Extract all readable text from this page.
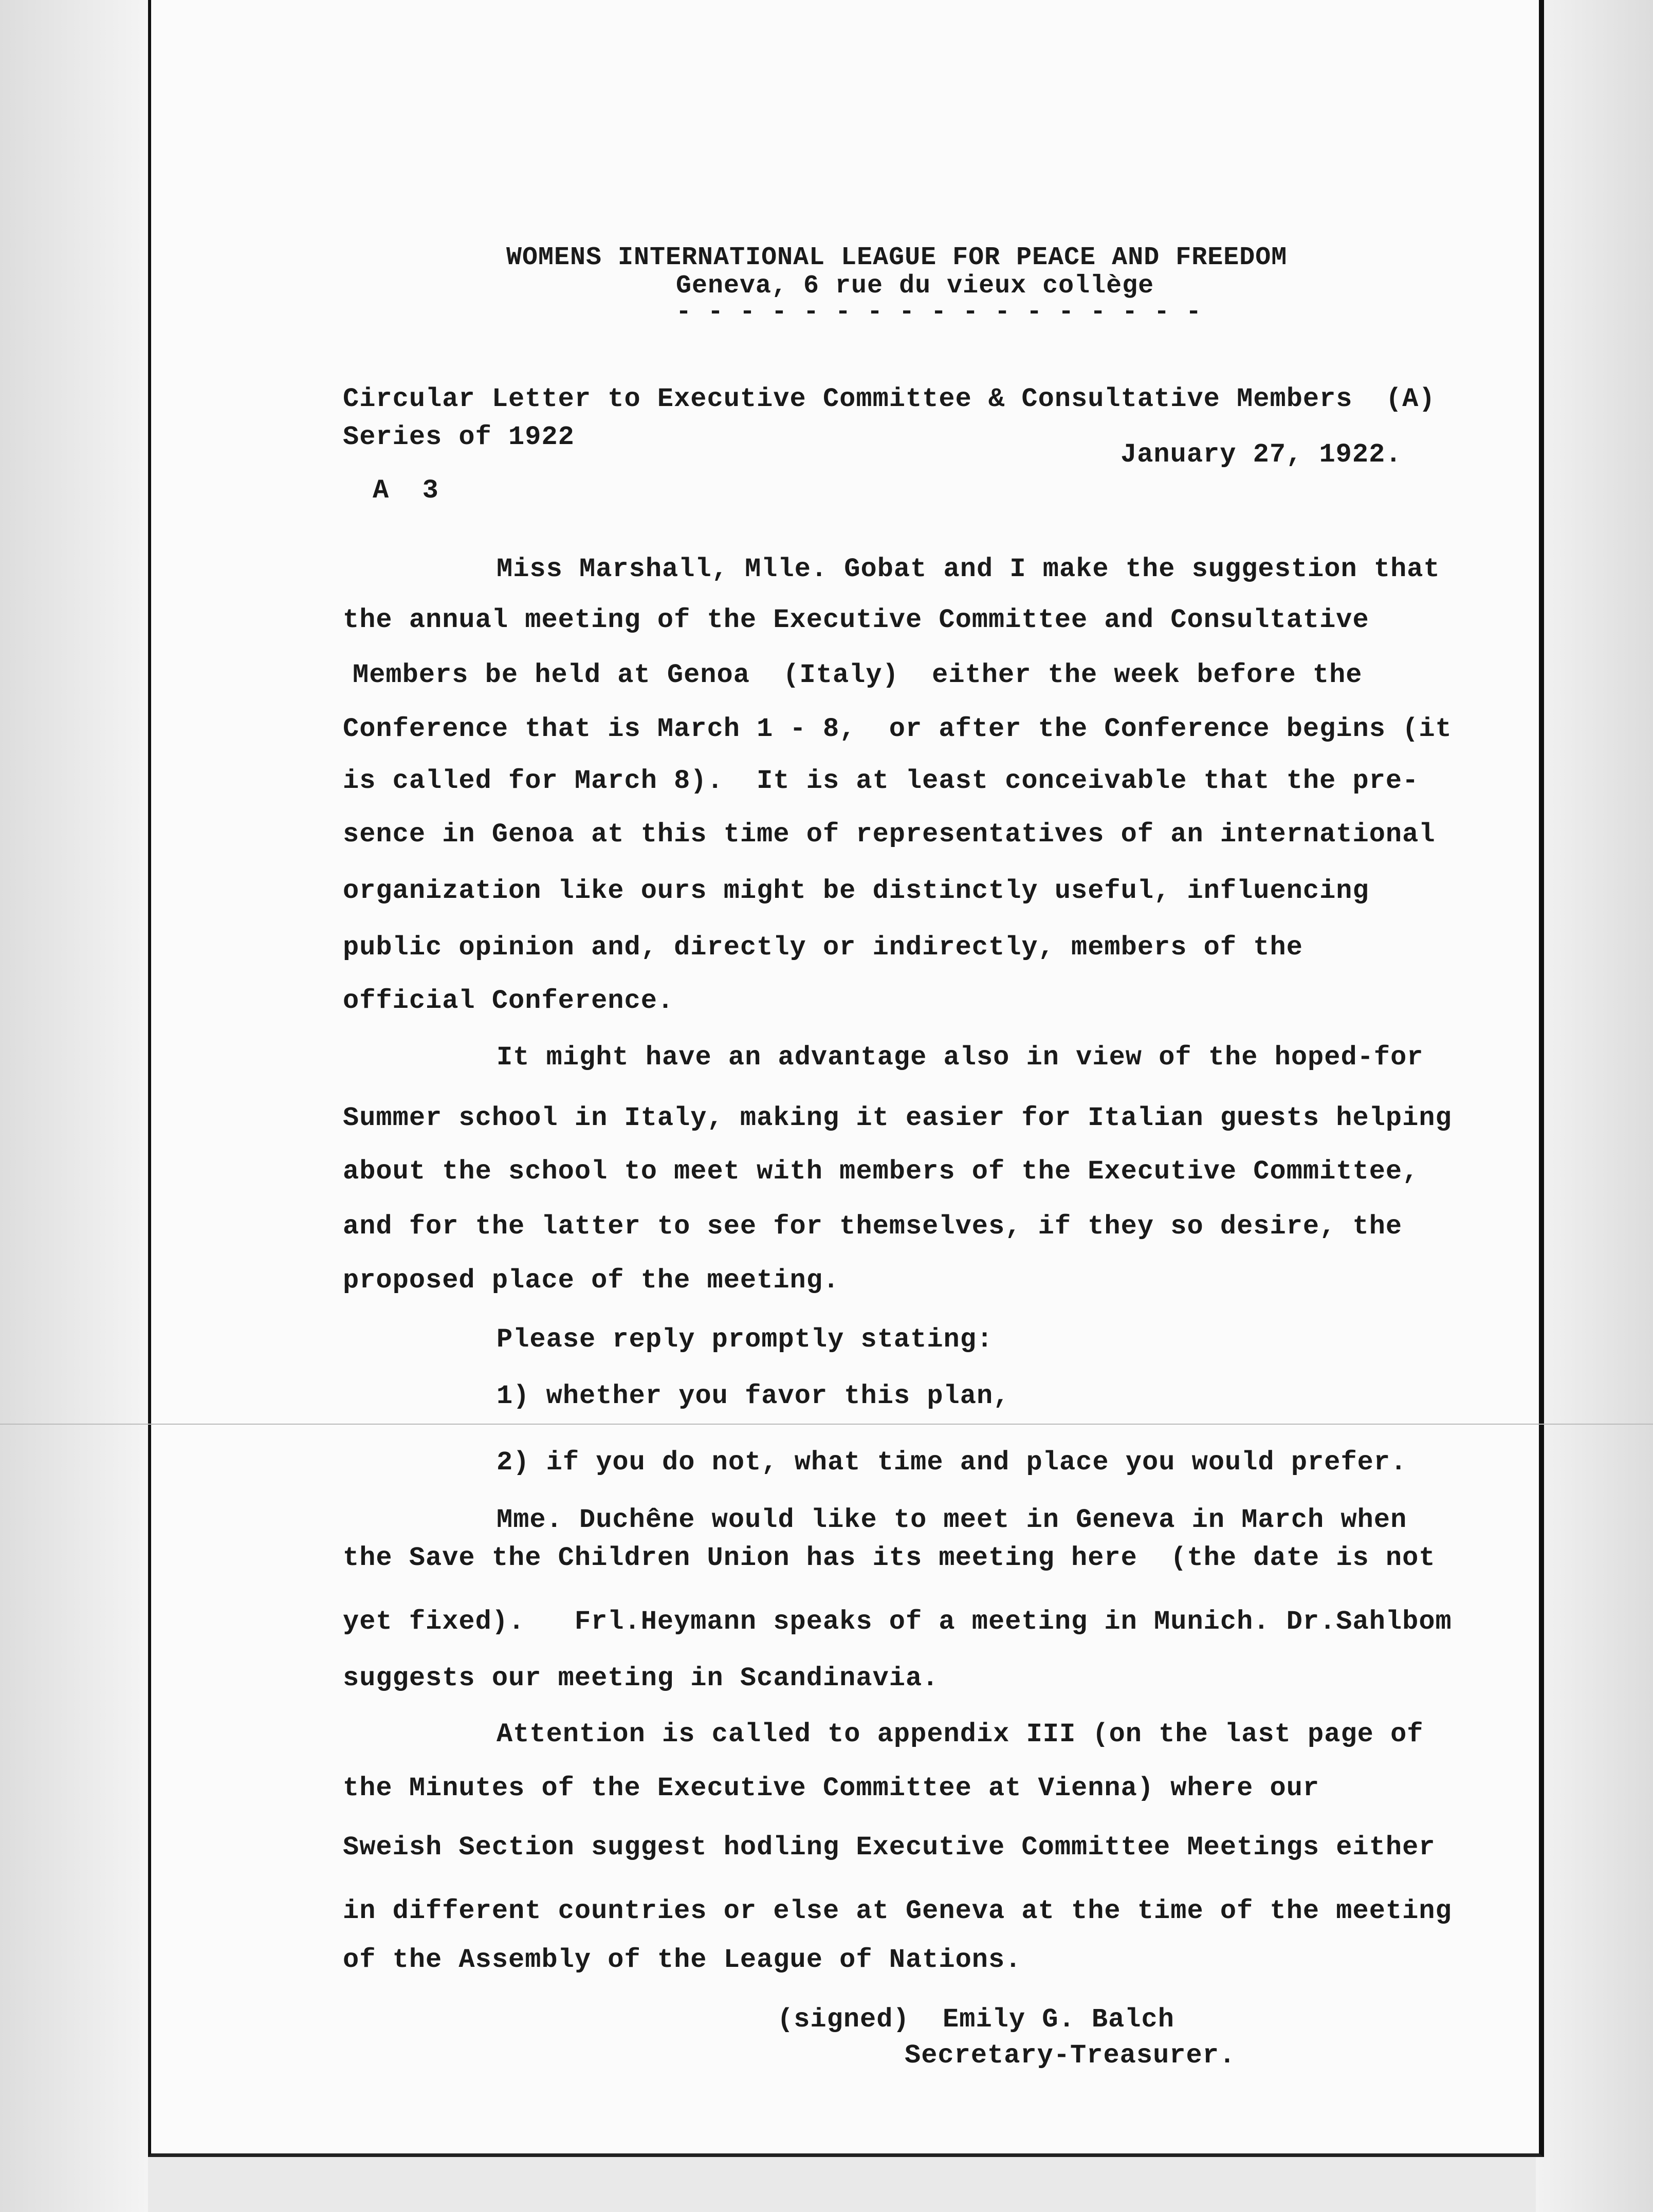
WOMENS INTERNATIONAL LEAGUE FOR PEACE AND FREEDOM
Geneva, 6 rue du vieux collège
- - - - - - - - - - - - - - - - -
Circular Letter to Executive Committee & Consultative Members  (A)
Series of 1922
January 27, 1922.
A  3
Miss Marshall, Mlle. Gobat and I make the suggestion that
the annual meeting of the Executive Committee and Consultative
Members be held at Genoa  (Italy)  either the week before the
Conference that is March 1 - 8,  or after the Conference begins (it
is called for March 8).  It is at least conceivable that the pre-
sence in Genoa at this time of representatives of an international
organization like ours might be distinctly useful, influencing
public opinion and, directly or indirectly, members of the
official Conference.
It might have an advantage also in view of the hoped-for
Summer school in Italy, making it easier for Italian guests helping
about the school to meet with members of the Executive Committee,
and for the latter to see for themselves, if they so desire, the
proposed place of the meeting.
Please reply promptly stating:
1) whether you favor this plan,
2) if you do not, what time and place you would prefer.
Mme. Duchêne would like to meet in Geneva in March when
the Save the Children Union has its meeting here  (the date is not
yet fixed).   Frl.Heymann speaks of a meeting in Munich. Dr.Sahlbom
suggests our meeting in Scandinavia.
Attention is called to appendix III (on the last page of
the Minutes of the Executive Committee at Vienna) where our
Sweish Section suggest hodling Executive Committee Meetings either
in different countries or else at Geneva at the time of the meeting
of the Assembly of the League of Nations.
(signed)  Emily G. Balch
Secretary-Treasurer.
